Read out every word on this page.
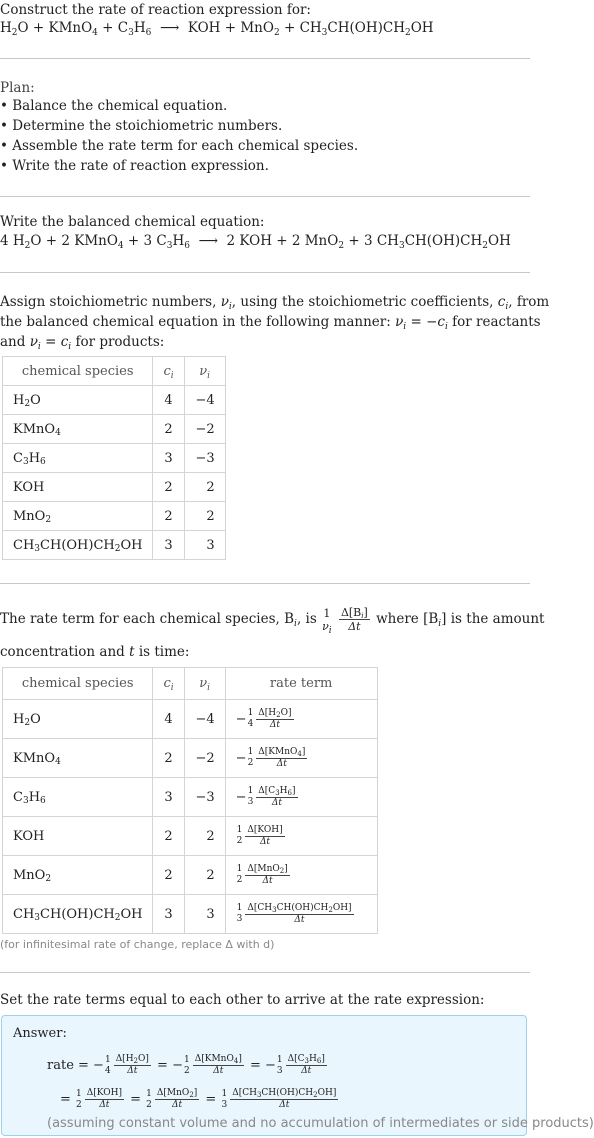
Construct the rate of reaction expression for:
$H_2O$ + KMnO$_4$ + $C_3H_6$  ⟶  KOH + $MnO_2 + CH_3CH(OH)CH_2OH$
Plan:
• Balance the chemical equation.
• Determine the stoichiometric numbers.
• Assemble the rate term for each chemical species.
• Write the rate of reaction expression.
Write the balanced chemical equation:
4 $H_2O + 2$ KMnO$_4$ + 3 $C_3H_6$  ⟶  2 KOH + 2 MnO$_2$ + 3 $CH_3CH(OH)CH_2OH$
Assign stoichiometric numbers, $\nu_i$, using the stoichiometric coefficients, $c_i$, from
the balanced chemical equation in the following manner: $\nu_i = -c_i$ for reactants
and $\nu_i = c_i$ for products:
chemical species	$c_i$	$\nu_i$
$H_2O$	4	−4
KMnO$_4$	2	−2
$C_3H_6$	3	−3
KOH	2	2
MnO$_2$	2	2
$CH_3CH(OH)CH_2OH$	3	3
The rate term for each chemical species, $B_i$, is 1
$\nu_i$
$\frac{\Delta[B_i]}{\Delta t}$ where $[B_i]$ is the amount
concentration and t is time:
chemical species	$c_i$	$\nu_i$	rate term
$H_2O$	4	−4	− 1
$4 \frac{\Delta[H_2O]}{\Delta t}$

KMnO$_4$	2	−2	− 1
$2 \frac{\Delta[KMnO_4]}{\Delta t}$

$C_3H_6$	3	−3	− 1
$3 \frac{\Delta[C_3H_6]}{\Delta t}$

KOH	2	2	1
$2 \frac{\text{Δ[KOH]}}{\Delta t}$

MnO$_2$	2	2	1
$2 \frac{\Delta[MnO_2]}{\Delta t}$

$CH_3CH(OH)CH_2OH$	3	3	1
$3 \frac{\Delta[CH_3CH(OH)CH_2OH]}{\Delta t}$
(for infinitesimal rate of change, replace Δ with d)
Set the rate terms equal to each other to arrive at the rate expression:
Answer:
rate = − 1
$4 \frac{\Delta[H_2O]}{\Delta t}$ = − 1
$2 \frac{\Delta[KMnO_4]}{\Delta t}$ = − 1
$3 \frac{\Delta[C_3H_6]}{\Delta t}$
= 1
$2 \frac{\text{Δ[KOH]}}{\Delta t} = 1$
$2 \frac{\Delta[MnO_2]}{\Delta t} = 1$
$3 \frac{\Delta[CH_3CH(OH)CH_2OH]}{\Delta t}$
(assuming constant volume and no accumulation of intermediates or side products)
